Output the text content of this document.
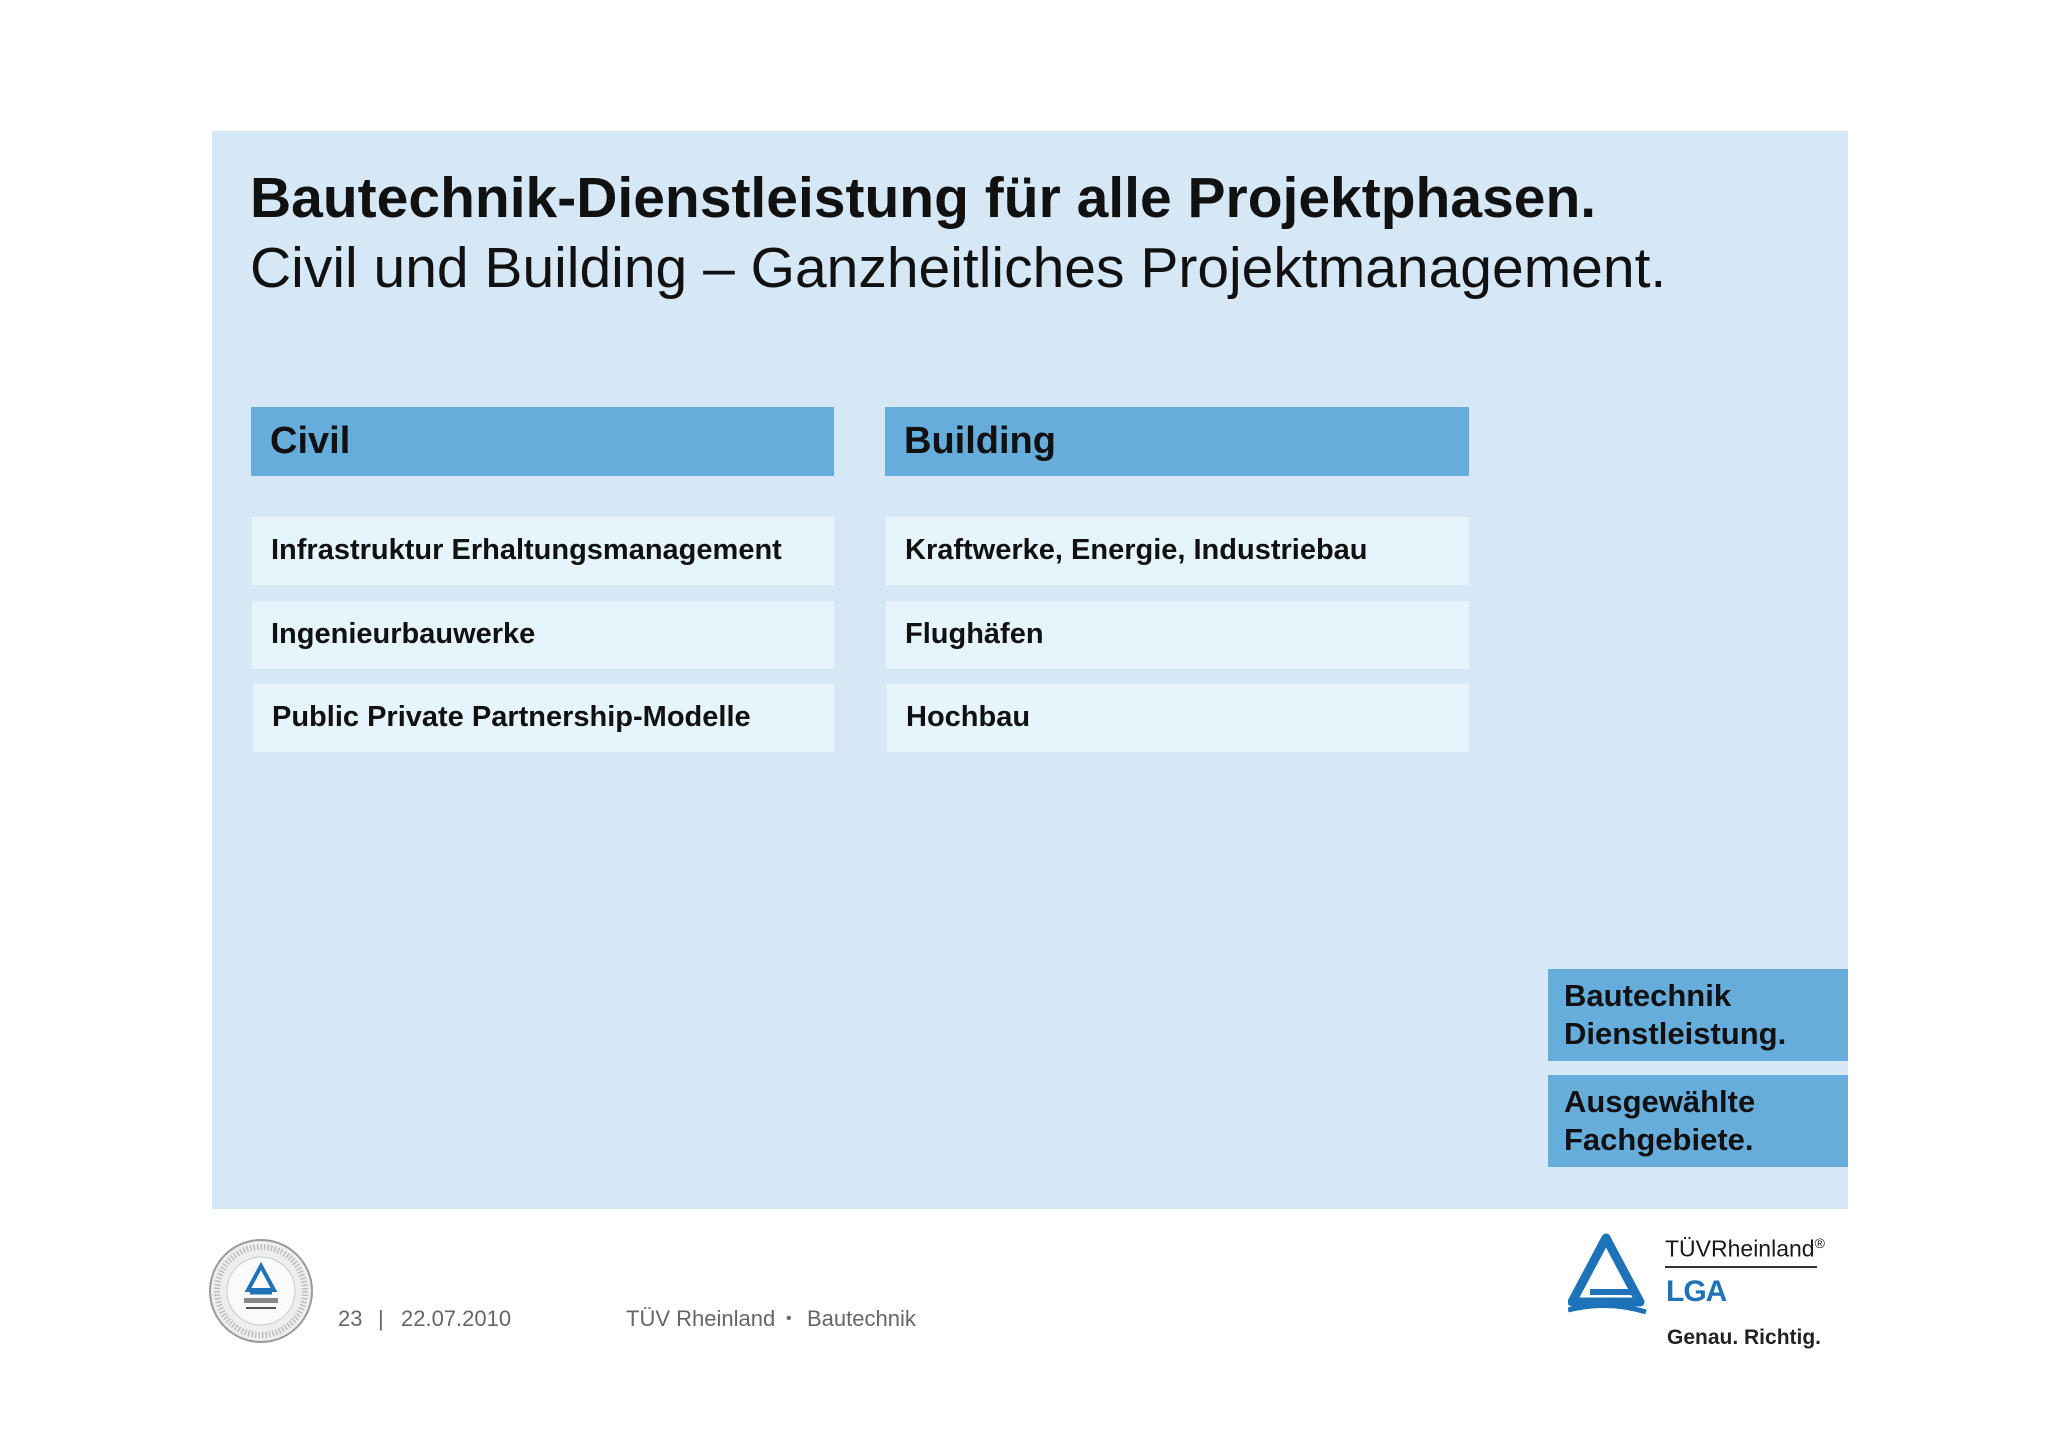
Bautechnik-Dienstleistung für alle Projektphasen.
Civil und Building – Ganzheitliches Projektmanagement.
Civil
Infrastruktur Erhaltungsmanagement
Ingenieurbauwerke
Public Private Partnership-Modelle
Building
Kraftwerke, Energie, Industriebau
Flughäfen
Hochbau
Bautechnik
Dienstleistung.
Ausgewählte
Fachgebiete.
23 | 22.07.2010	TÜV Rheinland • Bautechnik
TÜVRheinland®
LGA
Genau. Richtig.
